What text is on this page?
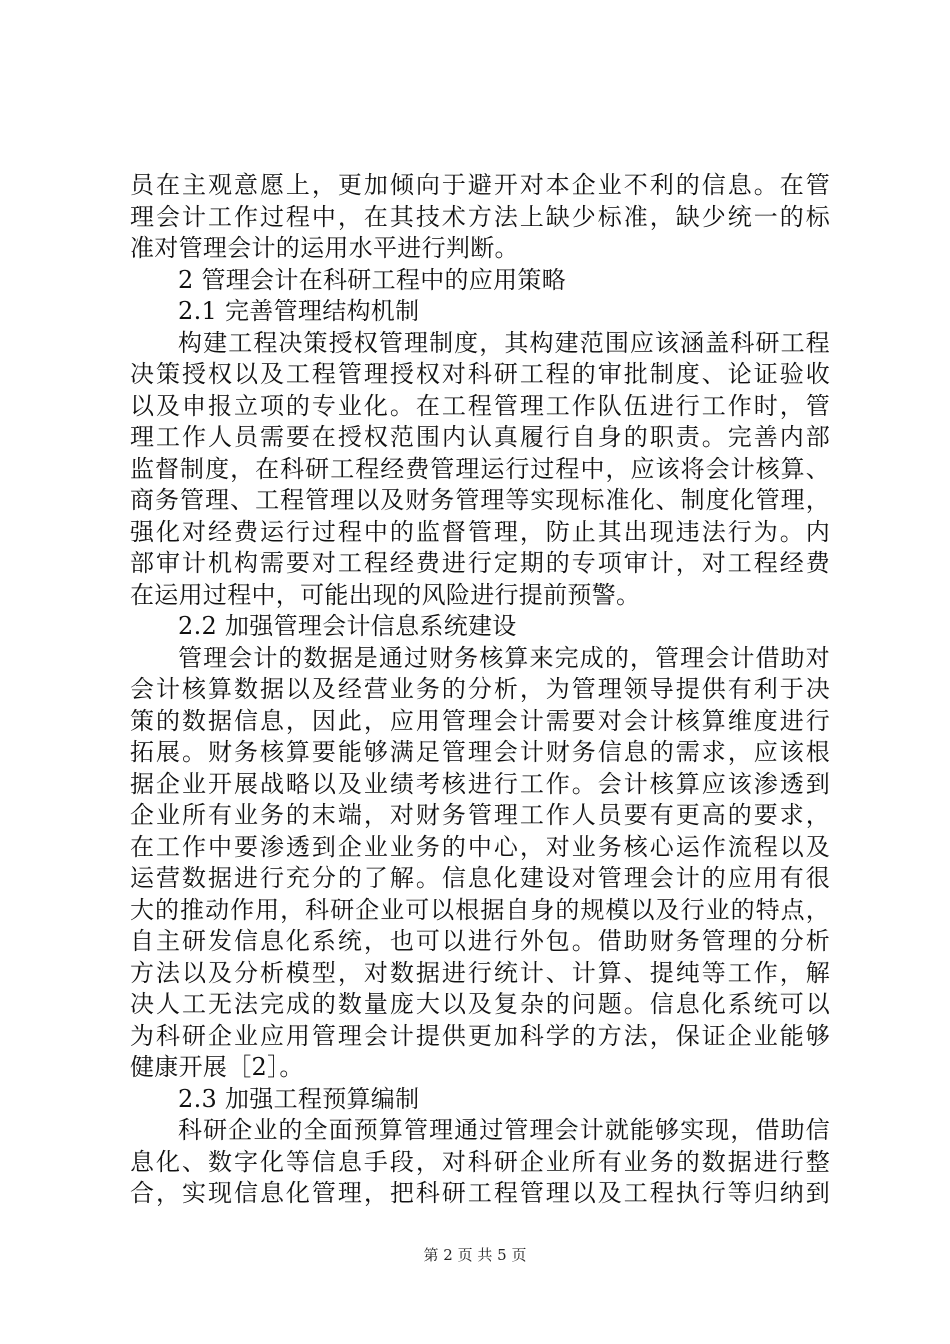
员在主观意愿上，更加倾向于避开对本企业不利的信息。在管
理会计工作过程中，在其技术方法上缺少标准，缺少统一的标
准对管理会计的运用水平进行判断。
2 管理会计在科研工程中的应用策略
2.1 完善管理结构机制
构建工程决策授权管理制度，其构建范围应该涵盖科研工程
决策授权以及工程管理授权对科研工程的审批制度、论证验收
以及申报立项的专业化。在工程管理工作队伍进行工作时，管
理工作人员需要在授权范围内认真履行自身的职责。完善内部
监督制度，在科研工程经费管理运行过程中，应该将会计核算、
商务管理、工程管理以及财务管理等实现标准化、制度化管理，
强化对经费运行过程中的监督管理，防止其出现违法行为。内
部审计机构需要对工程经费进行定期的专项审计，对工程经费
在运用过程中，可能出现的风险进行提前预警。
2.2 加强管理会计信息系统建设
管理会计的数据是通过财务核算来完成的，管理会计借助对
会计核算数据以及经营业务的分析，为管理领导提供有利于决
策的数据信息，因此，应用管理会计需要对会计核算维度进行
拓展。财务核算要能够满足管理会计财务信息的需求，应该根
据企业开展战略以及业绩考核进行工作。会计核算应该渗透到
企业所有业务的末端，对财务管理工作人员要有更高的要求，
在工作中要渗透到企业业务的中心，对业务核心运作流程以及
运营数据进行充分的了解。信息化建设对管理会计的应用有很
大的推动作用，科研企业可以根据自身的规模以及行业的特点，
自主研发信息化系统，也可以进行外包。借助财务管理的分析
方法以及分析模型，对数据进行统计、计算、提纯等工作，解
决人工无法完成的数量庞大以及复杂的问题。信息化系统可以
为科研企业应用管理会计提供更加科学的方法，保证企业能够
健康开展［2］。
2.3 加强工程预算编制
科研企业的全面预算管理通过管理会计就能够实现，借助信
息化、数字化等信息手段，对科研企业所有业务的数据进行整
合，实现信息化管理，把科研工程管理以及工程执行等归纳到
第 2 页 共 5 页
